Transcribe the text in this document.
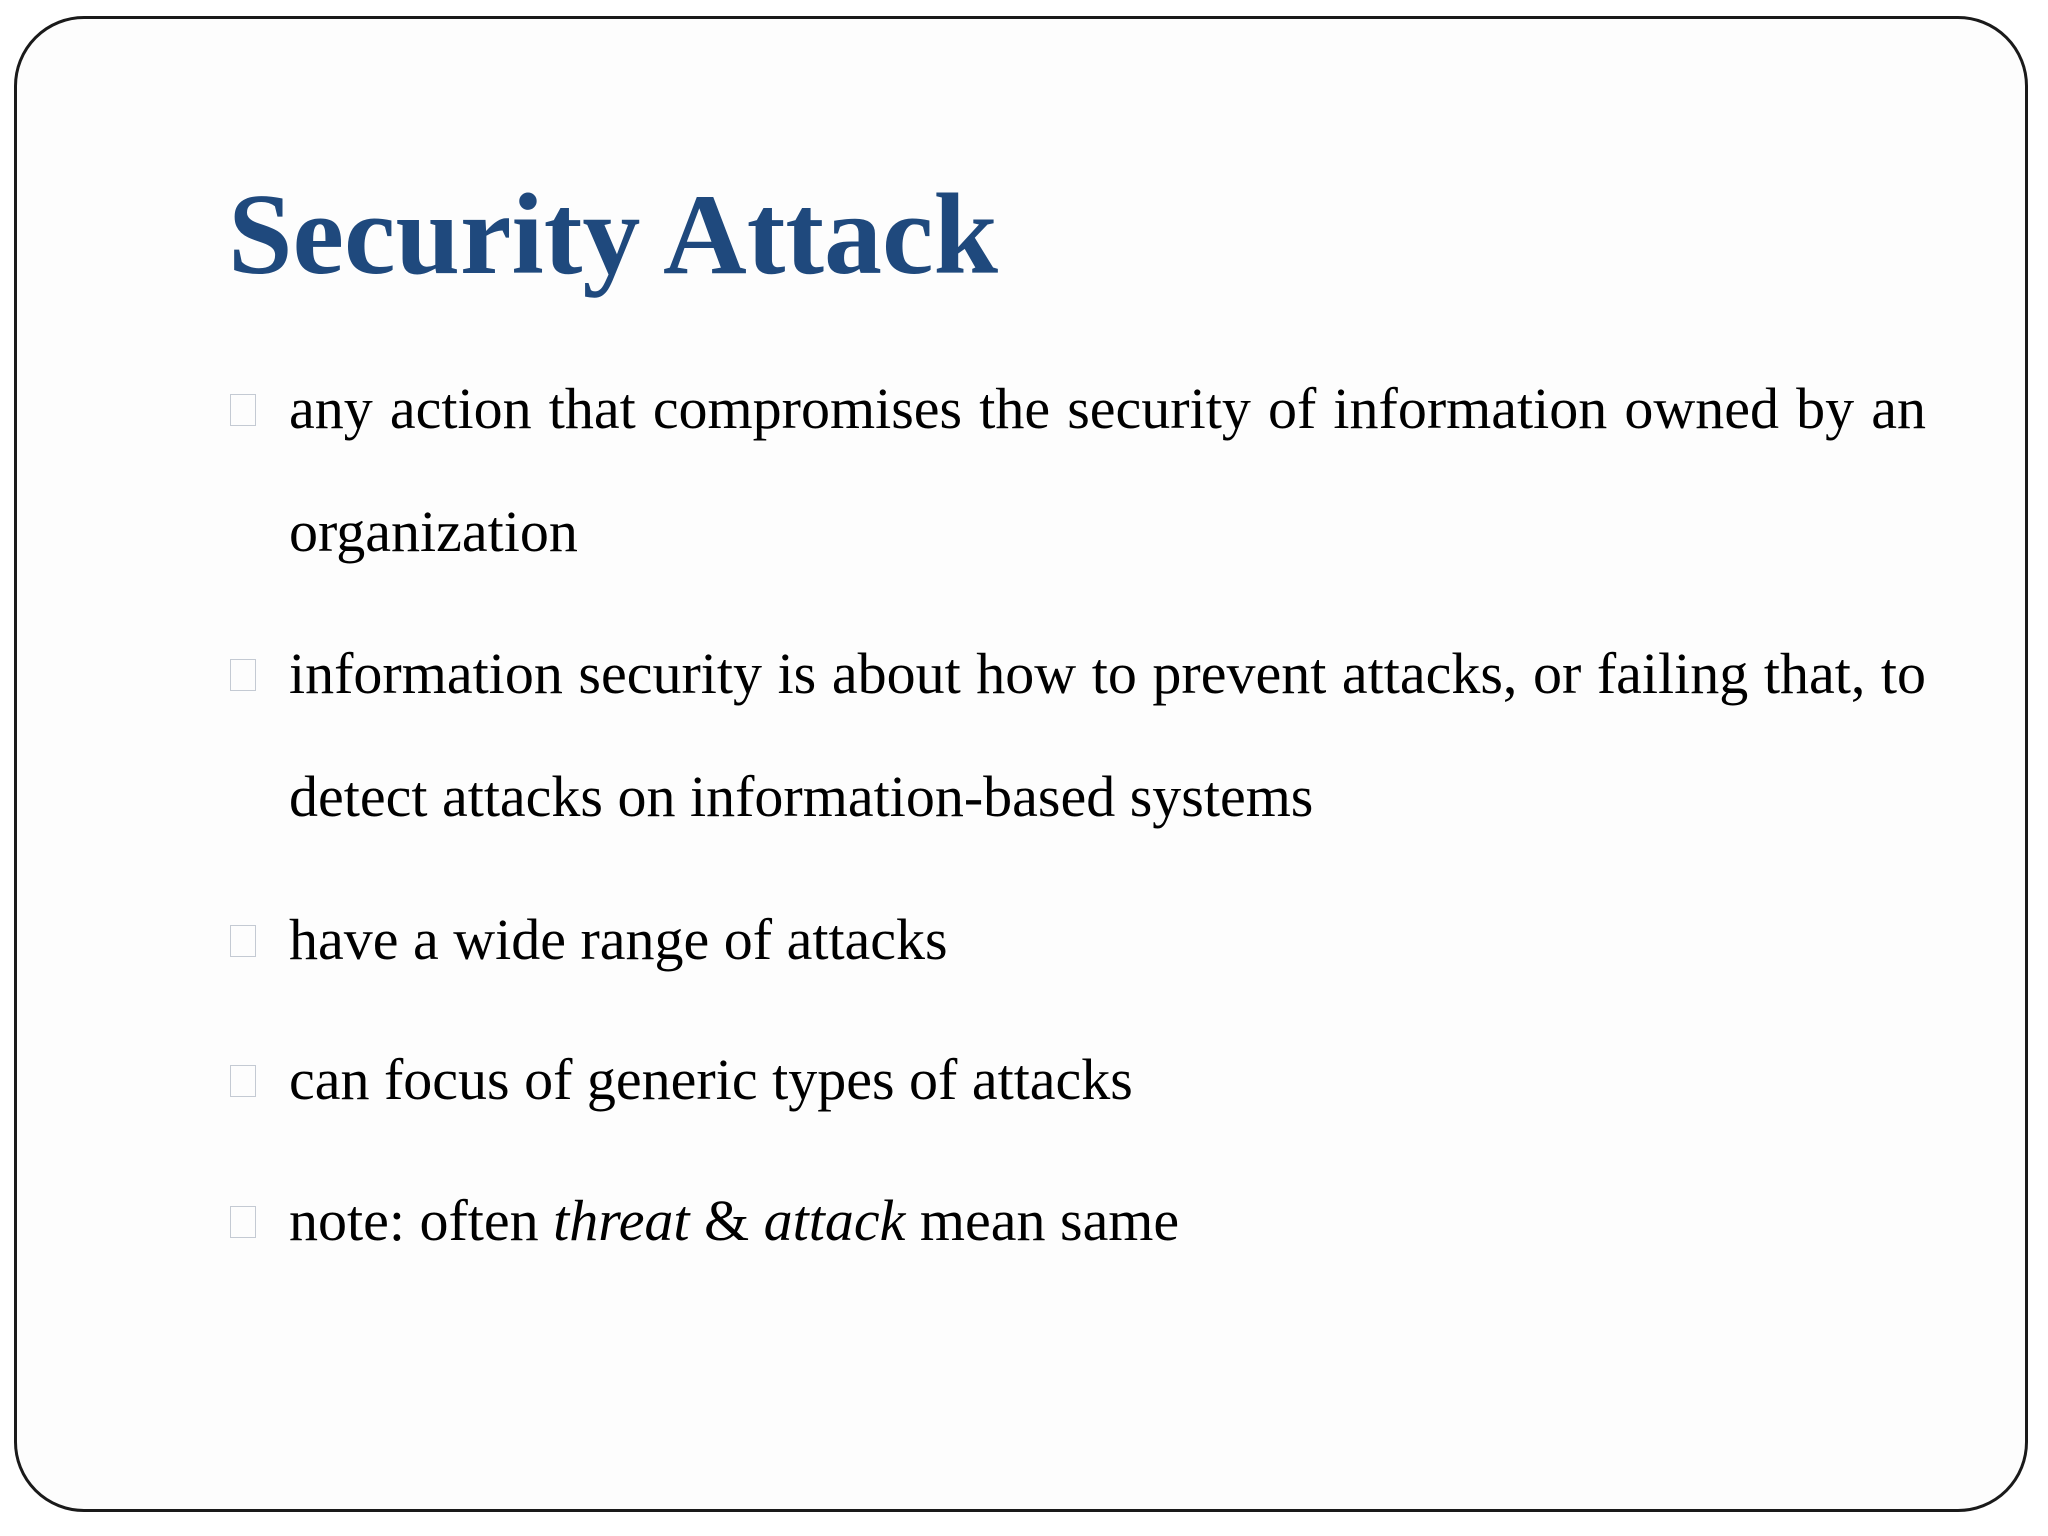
Security Attack

any action that compromises the security of information owned by an organization

information security is about how to prevent attacks, or failing that, to detect attacks on information-based systems

have a wide range of attacks

can focus of generic types of attacks

note: often threat & attack mean same
